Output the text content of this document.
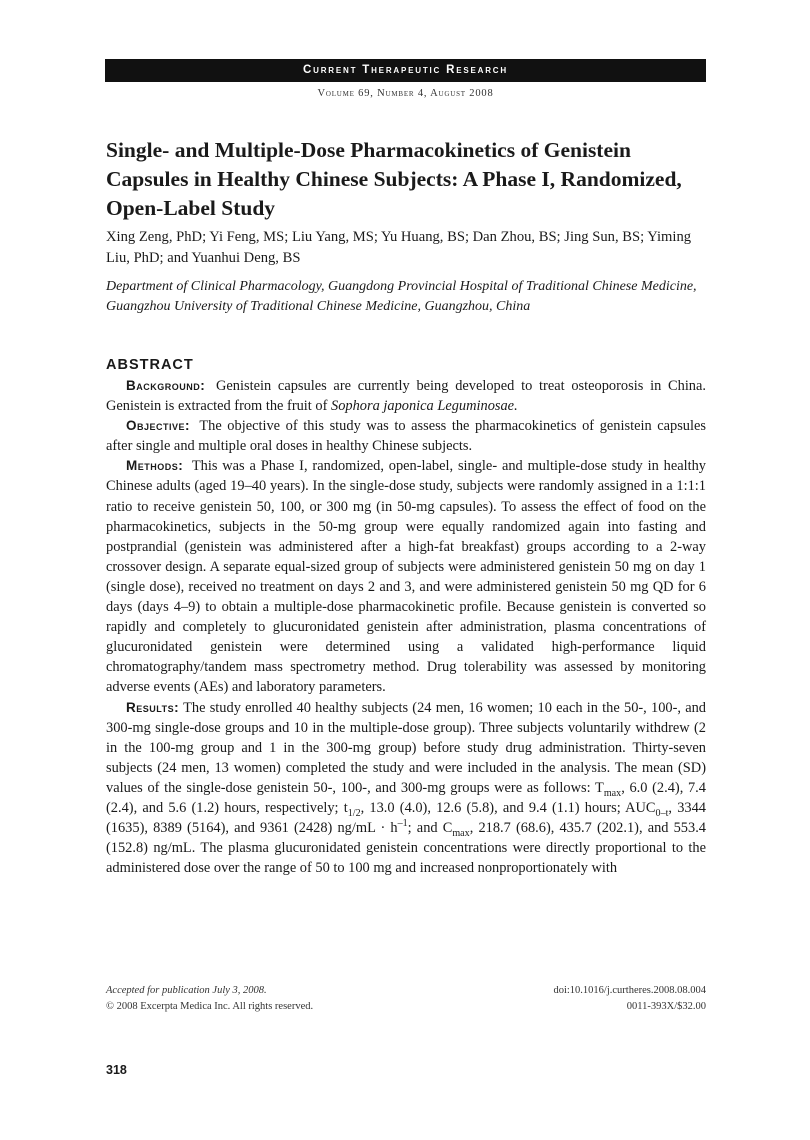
Current Therapeutic Research
Volume 69, Number 4, August 2008
Single- and Multiple-Dose Pharmacokinetics of Genistein Capsules in Healthy Chinese Subjects: A Phase I, Randomized, Open-Label Study
Xing Zeng, PhD; Yi Feng, MS; Liu Yang, MS; Yu Huang, BS; Dan Zhou, BS; Jing Sun, BS; Yiming Liu, PhD; and Yuanhui Deng, BS
Department of Clinical Pharmacology, Guangdong Provincial Hospital of Traditional Chinese Medicine, Guangzhou University of Traditional Chinese Medicine, Guangzhou, China
ABSTRACT

Background: Genistein capsules are currently being developed to treat osteoporosis in China. Genistein is extracted from the fruit of Sophora japonica Leguminosae.

Objective: The objective of this study was to assess the pharmacokinetics of genistein capsules after single and multiple oral doses in healthy Chinese subjects.

Methods: This was a Phase I, randomized, open-label, single- and multiple-dose study in healthy Chinese adults (aged 19–40 years). In the single-dose study, subjects were randomly assigned in a 1:1:1 ratio to receive genistein 50, 100, or 300 mg (in 50-mg capsules). To assess the effect of food on the pharmacokinetics, subjects in the 50-mg group were equally randomized again into fasting and postprandial (genistein was administered after a high-fat breakfast) groups according to a 2-way crossover design. A separate equal-sized group of subjects were administered genistein 50 mg on day 1 (single dose), received no treatment on days 2 and 3, and were administered genistein 50 mg QD for 6 days (days 4–9) to obtain a multiple-dose pharmacokinetic profile. Because genistein is converted so rapidly and completely to glucuronidated genistein after administration, plasma concentrations of glucuronidated genistein were determined using a validated high-performance liquid chromatography/tandem mass spectrometry method. Drug tolerability was assessed by monitoring adverse events (AEs) and laboratory parameters.

Results: The study enrolled 40 healthy subjects (24 men, 16 women; 10 each in the 50-, 100-, and 300-mg single-dose groups and 10 in the multiple-dose group). Three subjects voluntarily withdrew (2 in the 100-mg group and 1 in the 300-mg group) before study drug administration. Thirty-seven subjects (24 men, 13 women) completed the study and were included in the analysis. The mean (SD) values of the single-dose genistein 50-, 100-, and 300-mg groups were as follows: $T_{max}$, 6.0 (2.4), 7.4 (2.4), and 5.6 (1.2) hours, respectively; $t_{1/2}$, 13.0 (4.0), 12.6 (5.8), and 9.4 (1.1) hours; $AUC_{0-t}$, 3344 (1635), 8389 (5164), and 9361 (2428) $ng/mL \cdot h^{-1}$; and $C_{max}$, 218.7 (68.6), 435.7 (202.1), and 553.4 (152.8) ng/mL. The plasma glucuronidated genistein concentrations were directly proportional to the administered dose over the range of 50 to 100 mg and increased nonproportionately with

Accepted for publication July 3, 2008.
© 2008 Excerpta Medica Inc. All rights reserved.
doi:10.1016/j.curtheres.2008.08.004
0011-393X/$32.00
318
